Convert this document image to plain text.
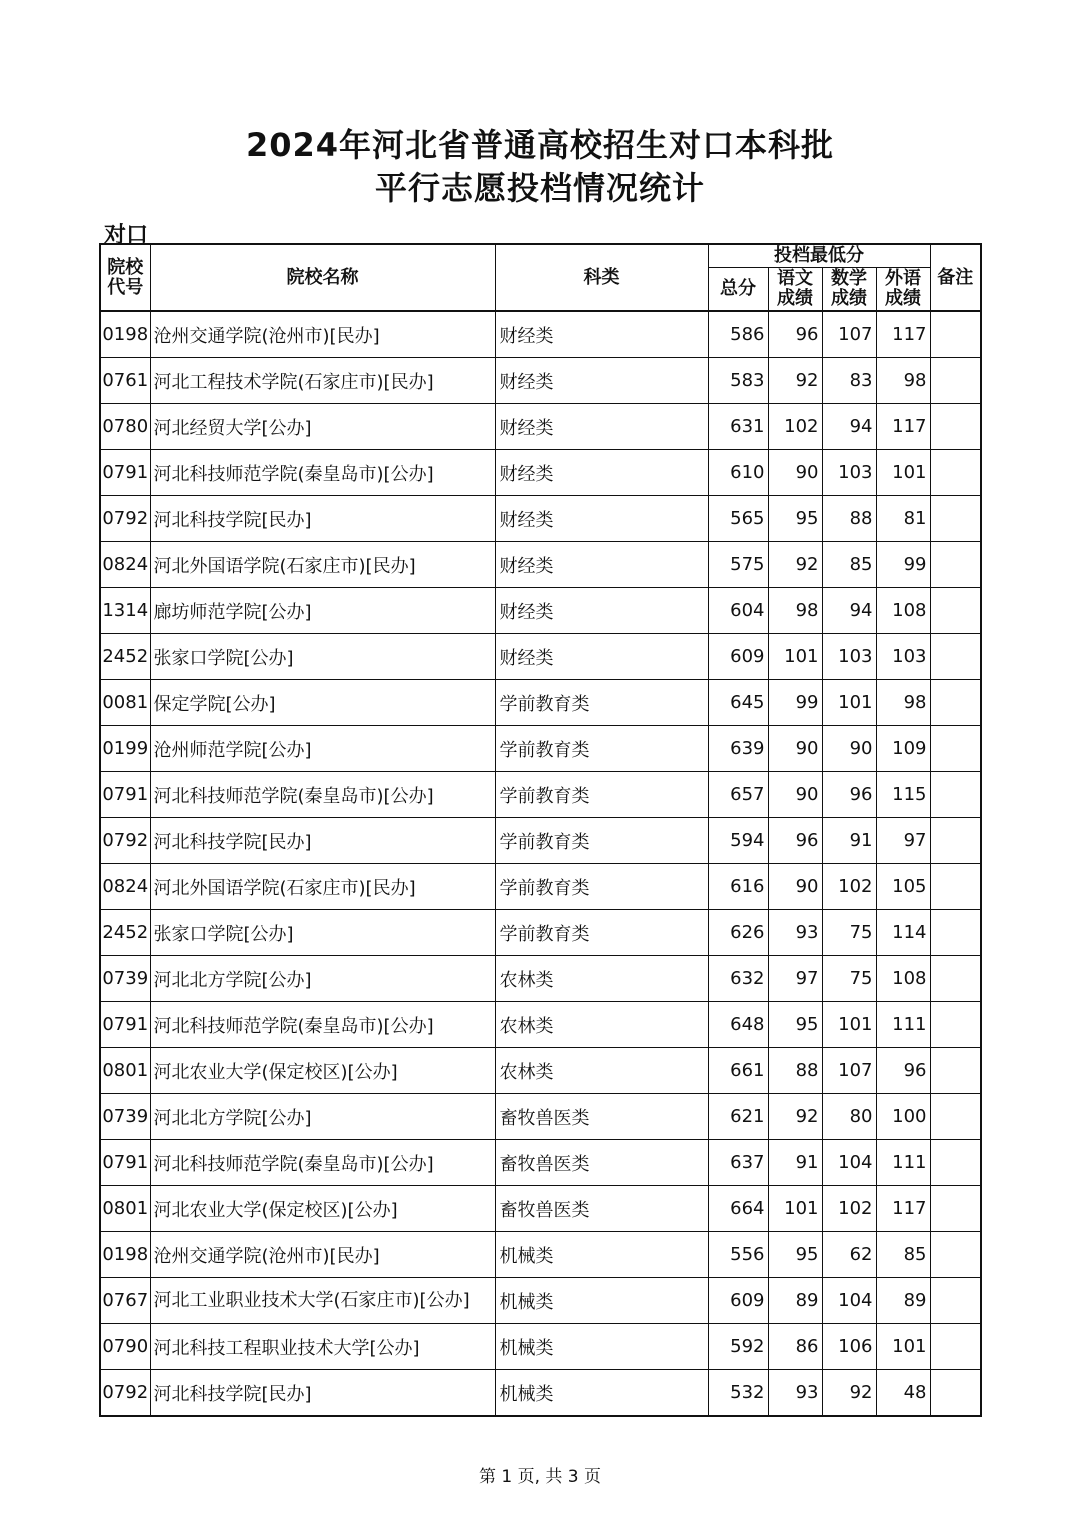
2024年河北省普通高校招生对口本科批
平行志愿投档情况统计
对口
院校代号	院校名称	科类	投档最低分				备注
			总分	语文成绩	数学成绩	外语成绩	
0198	沧州交通学院(沧州市)[民办]	财经类	586	96	107	117	
0761	河北工程技术学院(石家庄市)[民办]	财经类	583	92	83	98	
0780	河北经贸大学[公办]	财经类	631	102	94	117	
0791	河北科技师范学院(秦皇岛市)[公办]	财经类	610	90	103	101	
0792	河北科技学院[民办]	财经类	565	95	88	81	
0824	河北外国语学院(石家庄市)[民办]	财经类	575	92	85	99	
1314	廊坊师范学院[公办]	财经类	604	98	94	108	
2452	张家口学院[公办]	财经类	609	101	103	103	
0081	保定学院[公办]	学前教育类	645	99	101	98	
0199	沧州师范学院[公办]	学前教育类	639	90	90	109	
0791	河北科技师范学院(秦皇岛市)[公办]	学前教育类	657	90	96	115	
0792	河北科技学院[民办]	学前教育类	594	96	91	97	
0824	河北外国语学院(石家庄市)[民办]	学前教育类	616	90	102	105	
2452	张家口学院[公办]	学前教育类	626	93	75	114	
0739	河北北方学院[公办]	农林类	632	97	75	108	
0791	河北科技师范学院(秦皇岛市)[公办]	农林类	648	95	101	111	
0801	河北农业大学(保定校区)[公办]	农林类	661	88	107	96	
0739	河北北方学院[公办]	畜牧兽医类	621	92	80	100	
0791	河北科技师范学院(秦皇岛市)[公办]	畜牧兽医类	637	91	104	111	
0801	河北农业大学(保定校区)[公办]	畜牧兽医类	664	101	102	117	
0198	沧州交通学院(沧州市)[民办]	机械类	556	95	62	85	
0767	河北工业职业技术大学(石家庄市)[公办]	机械类	609	89	104	89	
0790	河北科技工程职业技术大学[公办]	机械类	592	86	106	101	
0792	河北科技学院[民办]	机械类	532	93	92	48	
第 1 页, 共 3 页
